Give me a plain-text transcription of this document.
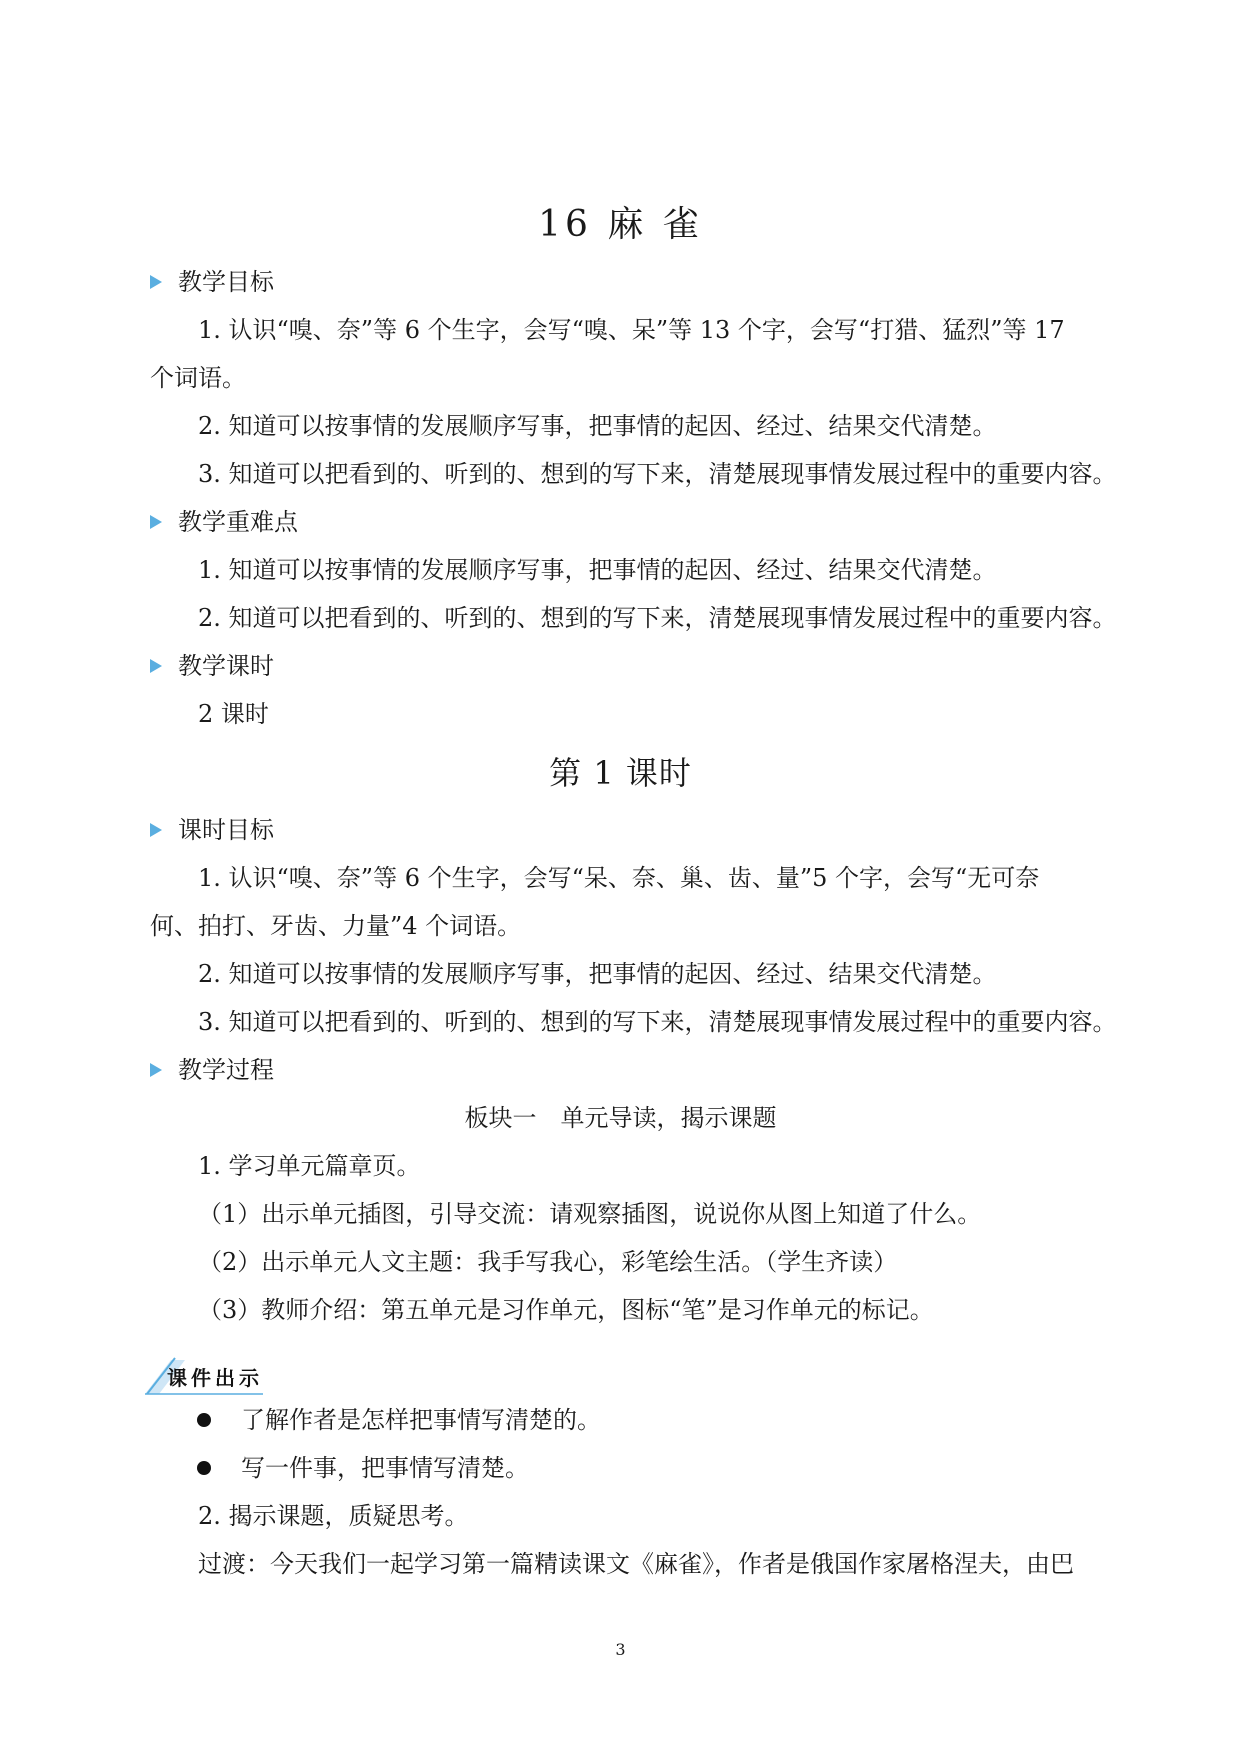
16 麻 雀
教学目标
1. 认识“嗅、奈”等 6 个生字，会写“嗅、呆”等 13 个字，会写“打猎、猛烈”等 17
个词语。
2. 知道可以按事情的发展顺序写事，把事情的起因、经过、结果交代清楚。
3. 知道可以把看到的、听到的、想到的写下来，清楚展现事情发展过程中的重要内容。
教学重难点
1. 知道可以按事情的发展顺序写事，把事情的起因、经过、结果交代清楚。
2. 知道可以把看到的、听到的、想到的写下来，清楚展现事情发展过程中的重要内容。
教学课时
2 课时
第 1 课时
课时目标
1. 认识“嗅、奈”等 6 个生字，会写“呆、奈、巢、齿、量”5 个字，会写“无可奈
何、拍打、牙齿、力量”4 个词语。
2. 知道可以按事情的发展顺序写事，把事情的起因、经过、结果交代清楚。
3. 知道可以把看到的、听到的、想到的写下来，清楚展现事情发展过程中的重要内容。
教学过程
板块一　单元导读，揭示课题
1. 学习单元篇章页。
（1）出示单元插图，引导交流：请观察插图，说说你从图上知道了什么。
（2）出示单元人文主题：我手写我心，彩笔绘生活。（学生齐读）
（3）教师介绍：第五单元是习作单元，图标“笔”是习作单元的标记。
课件出示
了解作者是怎样把事情写清楚的。
写一件事，把事情写清楚。
2. 揭示课题，质疑思考。
过渡：今天我们一起学习第一篇精读课文《麻雀》，作者是俄国作家屠格涅夫，由巴
3
